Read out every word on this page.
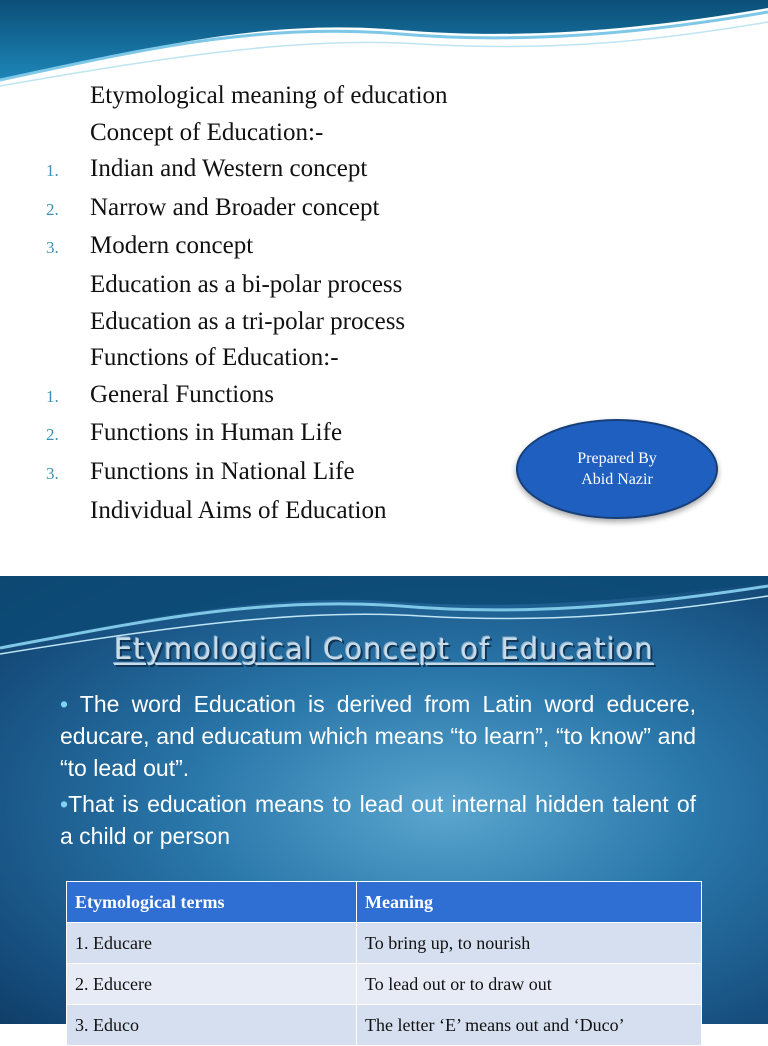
Etymological meaning of education
Concept of Education:-
1. Indian and Western concept
2. Narrow and Broader concept
3. Modern concept
Education as a bi-polar process
Education as a tri-polar process
Functions of Education:-
1. General Functions
2. Functions in Human Life
3. Functions in National Life
Individual Aims of Education
Prepared By
Abid Nazir
Etymological Concept of Education
• The word Education is derived from Latin word educere, educare, and educatum which means “to learn”, “to know” and “to lead out”.
•That is education means to lead out internal hidden talent of a child or person
Etymological terms	Meaning
1. Educare	To bring up, to nourish
2. Educere	To lead out or to draw out
3. Educo	The letter ‘E’ means out and ‘Duco’
